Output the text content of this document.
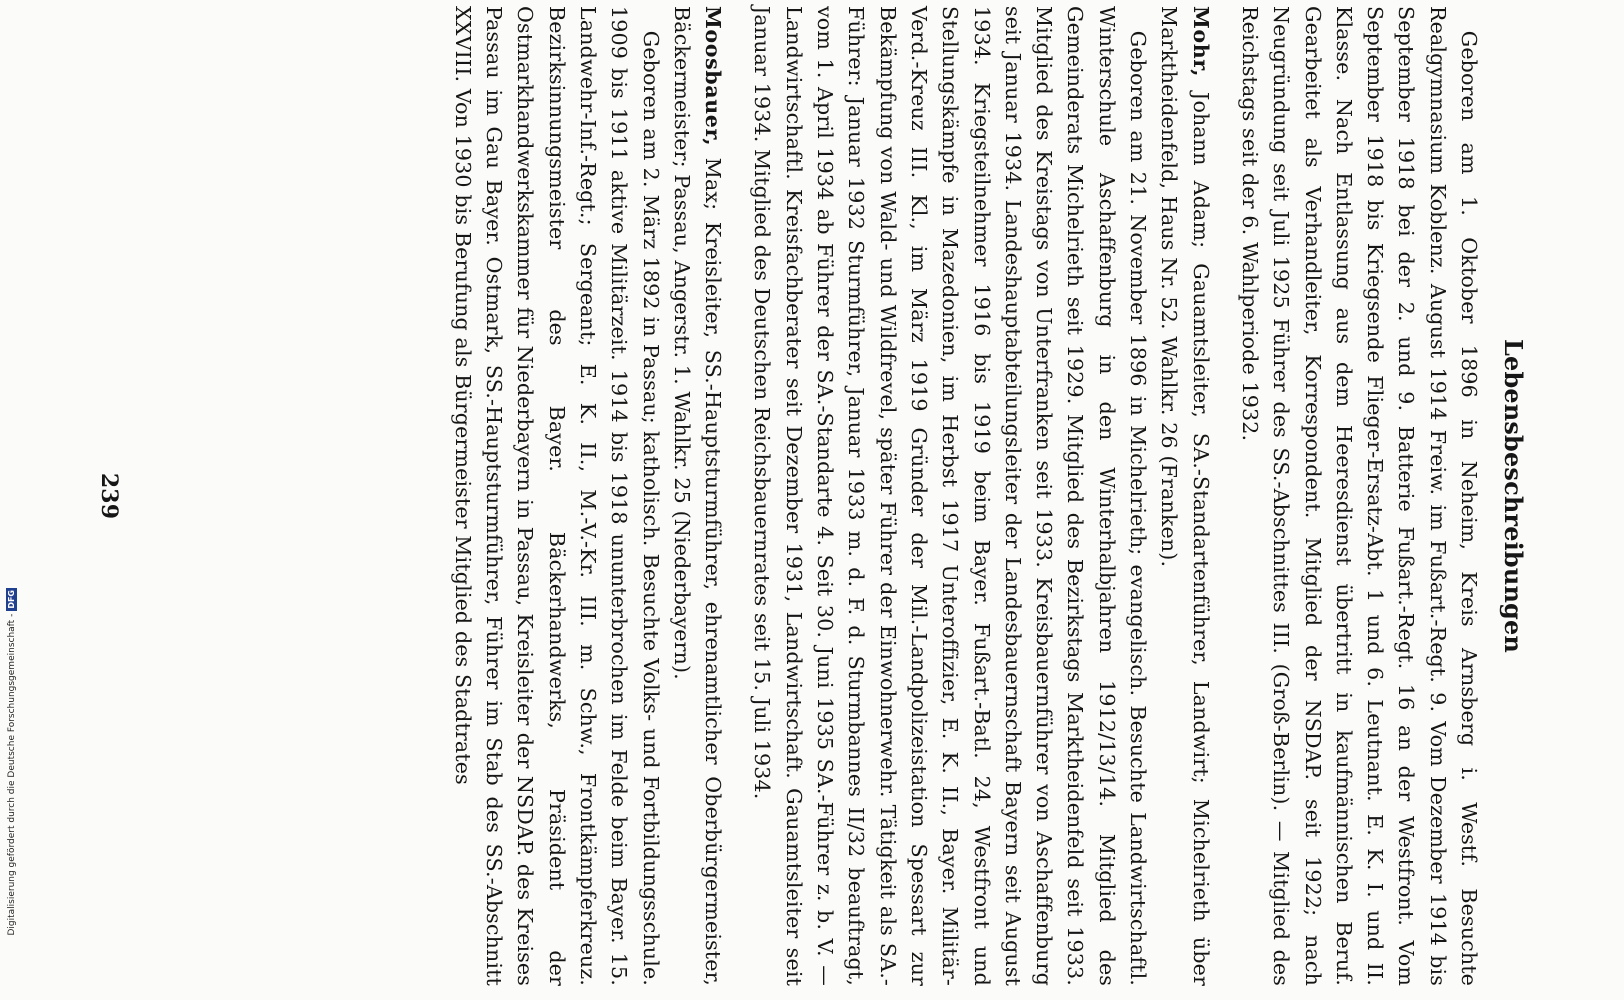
Lebensbeschreibungen

Geboren am 1. Oktober 1896 in Neheim, Kreis Arnsberg i. Westf. Besuchte Realgymnasium Koblenz. August 1914 Freiw. im Fußart.-Regt. 9. Vom Dezember 1914 bis September 1918 bei der 2. und 9. Batterie Fußart.-Regt. 16 an der Westfront. Vom September 1918 bis Kriegsende Flieger-Ersatz-Abt. 1 und 6. Leutnant. E. K. I. und II. Klasse. Nach Entlassung aus dem Heeresdienst übertritt in kaufmännischen Beruf. Gearbeitet als Verhandleiter, Korrespondent. Mitglied der NSDAP. seit 1922; nach Neugründung seit Juli 1925 Führer des SS.-Abschnittes III. (Groß-Berlin). — Mitglied des Reichstags seit der 6. Wahlperiode 1932.

Mohr, Johann Adam; Gauamtsleiter, SA.-Standartenführer, Landwirt; Michelrieth über Marktheidenfeld, Haus Nr. 52. Wahlkr. 26 (Franken).

Geboren am 21. November 1896 in Michelrieth; evangelisch. Besuchte Landwirtschaftl. Winterschule Aschaffenburg in den Winterhalbjahren 1912/13/14. Mitglied des Gemeinderats Michelrieth seit 1929. Mitglied des Bezirkstags Marktheidenfeld seit 1933. Mitglied des Kreistags von Unterfranken seit 1933. Kreisbauernführer von Aschaffenburg seit Januar 1934. Landeshauptabteilungsleiter der Landesbauernschaft Bayern seit August 1934. Kriegsteilnehmer 1916 bis 1919 beim Bayer. Fußart.-Batl. 24, Westfront und Stellungskämpfe in Mazedonien, im Herbst 1917 Unteroffizier, E. K. II., Bayer. Militär-Verd.-Kreuz III. Kl., im März 1919 Gründer der Mil.-Landpolizeistation Spessart zur Bekämpfung von Wald- und Wildfrevel, später Führer der Einwohnerwehr. Tätigkeit als SA.-Führer: Januar 1932 Sturmführer, Januar 1933 m. d. F. d. Sturmbannes II/32 beauftragt, vom 1. April 1934 ab Führer der SA.-Standarte 4. Seit 30. Juni 1935 SA.-Führer z. b. V. — Landwirtschaftl. Kreisfachberater seit Dezember 1931, Landwirtschaft. Gauamtsleiter seit Januar 1934. Mitglied des Deutschen Reichsbauernrates seit 15. Juli 1934.

Moosbauer, Max; Kreisleiter, SS.-Hauptsturmführer, ehrenamtlicher Oberbürgermeister, Bäckermeister; Passau, Angerstr. 1. Wahlkr. 25 (Niederbayern).

Geboren am 2. März 1892 in Passau; katholisch. Besuchte Volks- und Fortbildungsschule. 1909 bis 1911 aktive Militärzeit. 1914 bis 1918 ununterbrochen im Felde beim Bayer. 15. Landwehr-Inf.-Regt.; Sergeant; E. K. II., M.-V.-Kr. III. m. Schw., Frontkämpferkreuz. Bezirksinnungsmeister des Bayer. Bäckerhandwerks, Präsident der Ostmarkhandwerkskammer für Niederbayern in Passau, Kreisleiter der NSDAP. des Kreises Passau im Gau Bayer. Ostmark, SS.-Hauptsturmführer, Führer im Stab des SS.-Abschnitt XXVIII. Von 1930 bis Berufung als Bürgermeister Mitglied des Stadtrates

239
Digitalisierung gefördert durch die Deutsche Forschungsgemeinschaft -DFG
